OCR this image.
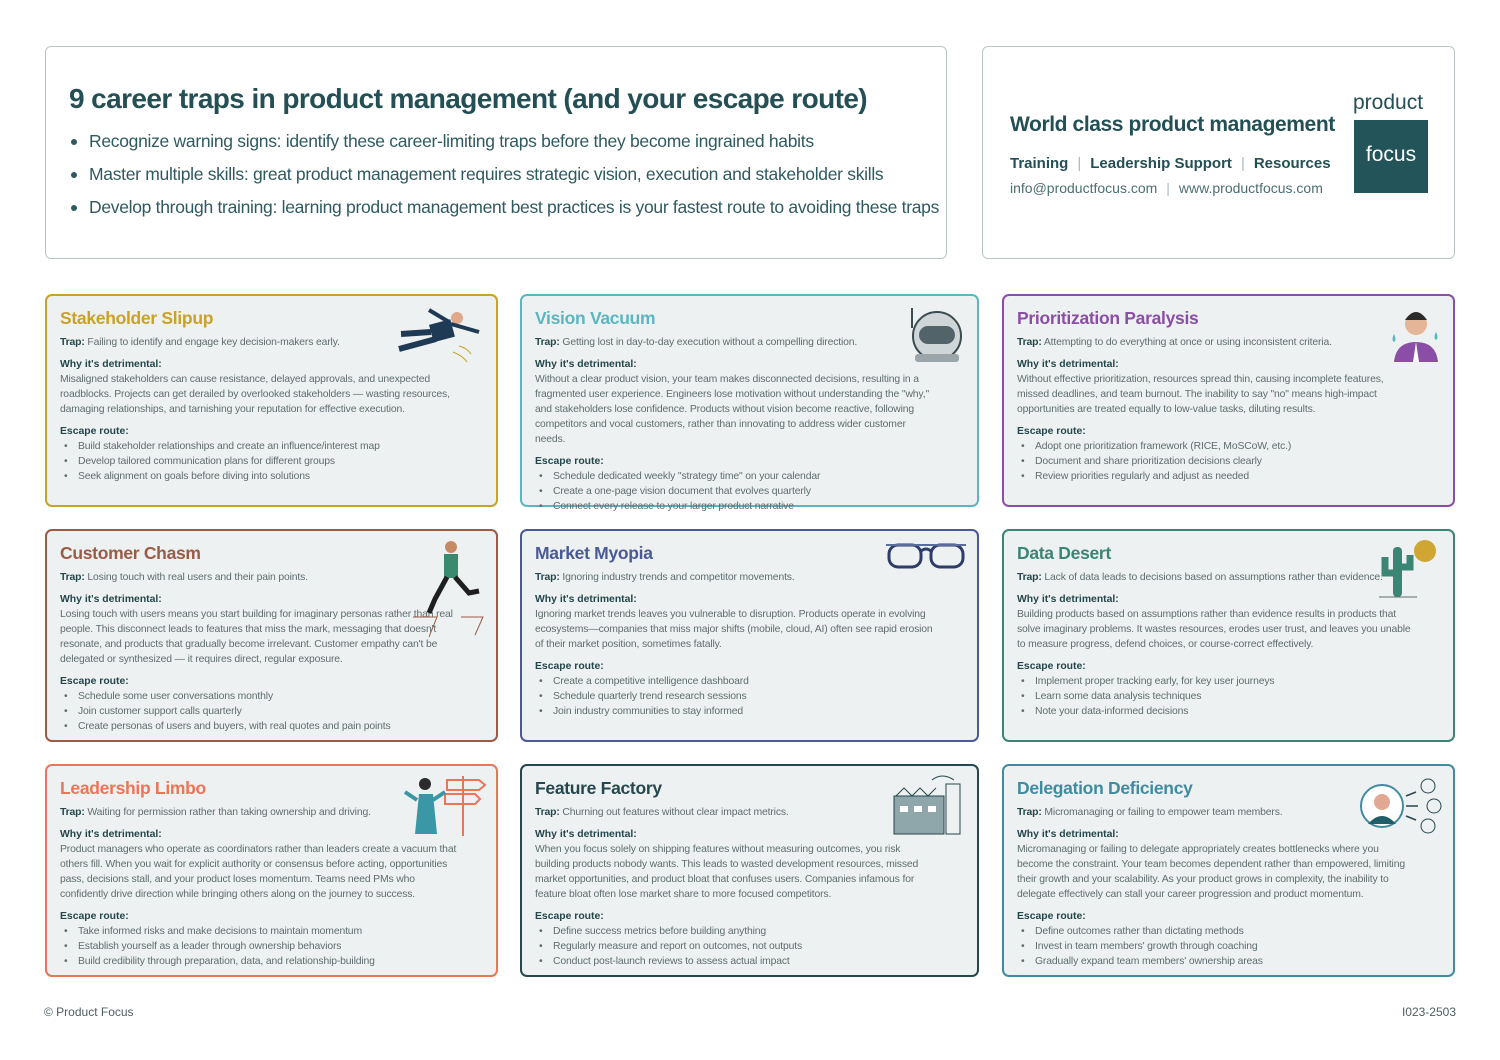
9 career traps in product management (and your escape route)
Recognize warning signs: identify these career-limiting traps before they become ingrained habits
Master multiple skills: great product management requires strategic vision, execution and stakeholder skills
Develop through training: learning product management best practices is your fastest route to avoiding these traps
World class product management
Training | Leadership Support | Resources
info@productfocus.com | www.productfocus.com
product
focus
Stakeholder Slipup

Trap: Failing to identify and engage key decision-makers early.

Why it's detrimental:

Misaligned stakeholders can cause resistance, delayed approvals, and unexpected roadblocks. Projects can get derailed by overlooked stakeholders — wasting resources, damaging relationships, and tarnishing your reputation for effective execution.

Escape route:
• Build stakeholder relationships and create an influence/interest map
• Develop tailored communication plans for different groups
• Seek alignment on goals before diving into solutions
Vision Vacuum

Trap: Getting lost in day-to-day execution without a compelling direction.

Why it's detrimental:

Without a clear product vision, your team makes disconnected decisions, resulting in a fragmented user experience. Engineers lose motivation without understanding the "why," and stakeholders lose confidence. Products without vision become reactive, following competitors and vocal customers, rather than innovating to address wider customer needs.

Escape route:
• Schedule dedicated weekly "strategy time" on your calendar
• Create a one-page vision document that evolves quarterly
• Connect every release to your larger product narrative
Prioritization Paralysis

Trap: Attempting to do everything at once or using inconsistent criteria.

Why it's detrimental:

Without effective prioritization, resources spread thin, causing incomplete features, missed deadlines, and team burnout. The inability to say "no" means high-impact opportunities are treated equally to low-value tasks, diluting results.

Escape route:
• Adopt one prioritization framework (RICE, MoSCoW, etc.)
• Document and share prioritization decisions clearly
• Review priorities regularly and adjust as needed
Customer Chasm

Trap: Losing touch with real users and their pain points.

Why it's detrimental:

Losing touch with users means you start building for imaginary personas rather than real people. This disconnect leads to features that miss the mark, messaging that doesn't resonate, and products that gradually become irrelevant. Customer empathy can't be delegated or synthesized — it requires direct, regular exposure.

Escape route:
• Schedule some user conversations monthly
• Join customer support calls quarterly
• Create personas of users and buyers, with real quotes and pain points
Market Myopia

Trap: Ignoring industry trends and competitor movements.

Why it's detrimental:

Ignoring market trends leaves you vulnerable to disruption. Products operate in evolving ecosystems—companies that miss major shifts (mobile, cloud, AI) often see rapid erosion of their market position, sometimes fatally.

Escape route:
• Create a competitive intelligence dashboard
• Schedule quarterly trend research sessions
• Join industry communities to stay informed
Data Desert

Trap: Lack of data leads to decisions based on assumptions rather than evidence.

Why it's detrimental:

Building products based on assumptions rather than evidence results in products that solve imaginary problems. It wastes resources, erodes user trust, and leaves you unable to measure progress, defend choices, or course-correct effectively.

Escape route:
• Implement proper tracking early, for key user journeys
• Learn some data analysis techniques
• Note your data-informed decisions
Leadership Limbo

Trap: Waiting for permission rather than taking ownership and driving.

Why it's detrimental:

Product managers who operate as coordinators rather than leaders create a vacuum that others fill. When you wait for explicit authority or consensus before acting, opportunities pass, decisions stall, and your product loses momentum. Teams need PMs who confidently drive direction while bringing others along on the journey to success.

Escape route:
• Take informed risks and make decisions to maintain momentum
• Establish yourself as a leader through ownership behaviors
• Build credibility through preparation, data, and relationship-building
Feature Factory

Trap: Churning out features without clear impact metrics.

Why it's detrimental:

When you focus solely on shipping features without measuring outcomes, you risk building products nobody wants. This leads to wasted development resources, missed market opportunities, and product bloat that confuses users. Companies infamous for feature bloat often lose market share to more focused competitors.

Escape route:
• Define success metrics before building anything
• Regularly measure and report on outcomes, not outputs
• Conduct post-launch reviews to assess actual impact
Delegation Deficiency

Trap: Micromanaging or failing to empower team members.

Why it's detrimental:

Micromanaging or failing to delegate appropriately creates bottlenecks where you become the constraint. Your team becomes dependent rather than empowered, limiting their growth and your scalability. As your product grows in complexity, the inability to delegate effectively can stall your career progression and product momentum.

Escape route:
• Define outcomes rather than dictating methods
• Invest in team members' growth through coaching
• Gradually expand team members' ownership areas
© Product Focus	I023-2503
